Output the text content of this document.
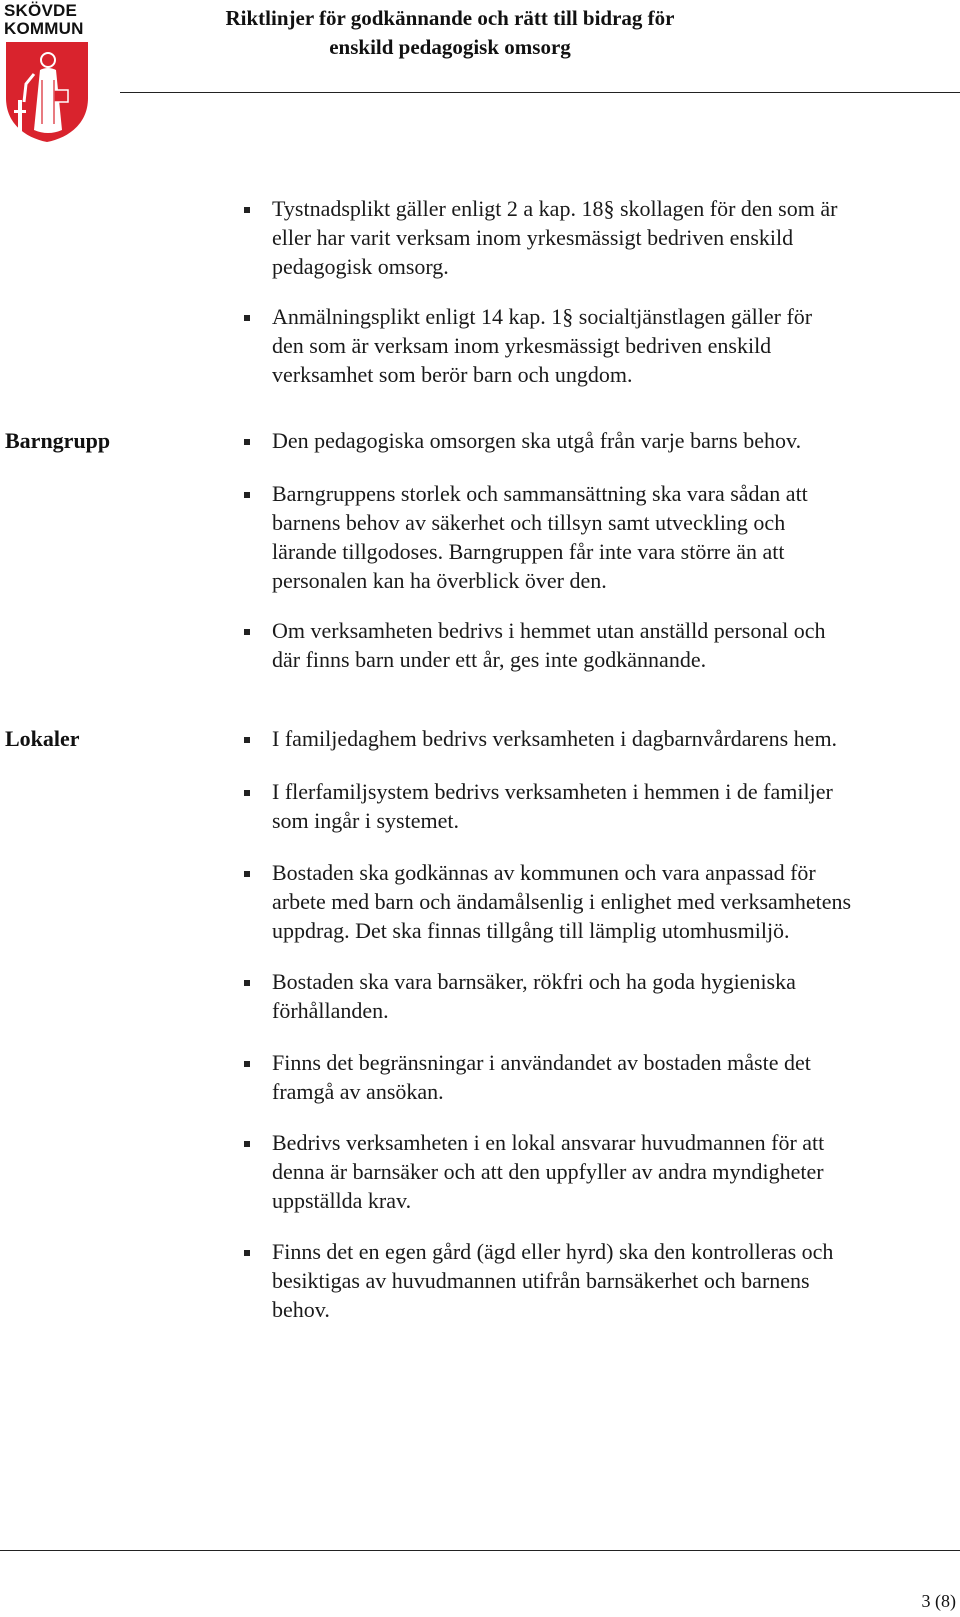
SKÖVDE
KOMMUN	Riktlinjer för godkännande och rätt till bidrag för
enskild pedagogisk omsorg
Tystnadsplikt gäller enligt 2 a kap. 18§ skollagen för den som är
eller har varit verksam inom yrkesmässigt bedriven enskild
pedagogisk omsorg.
Anmälningsplikt enligt 14 kap. 1§ socialtjänstlagen gäller för
den som är verksam inom yrkesmässigt bedriven enskild
verksamhet som berör barn och ungdom.
Barngrupp	Den pedagogiska omsorgen ska utgå från varje barns behov.
Barngruppens storlek och sammansättning ska vara sådan att
barnens behov av säkerhet och tillsyn samt utveckling och
lärande tillgodoses. Barngruppen får inte vara större än att
personalen kan ha överblick över den.
Om verksamheten bedrivs i hemmet utan anställd personal och
där finns barn under ett år, ges inte godkännande.
Lokaler	I familjedaghem bedrivs verksamheten i dagbarnvårdarens hem.
I flerfamiljsystem bedrivs verksamheten i hemmen i de familjer
som ingår i systemet.
Bostaden ska godkännas av kommunen och vara anpassad för
arbete med barn och ändamålsenlig i enlighet med verksamhetens
uppdrag. Det ska finnas tillgång till lämplig utomhusmiljö.
Bostaden ska vara barnsäker, rökfri och ha goda hygieniska
förhållanden.
Finns det begränsningar i användandet av bostaden måste det
framgå av ansökan.
Bedrivs verksamheten i en lokal ansvarar huvudmannen för att
denna är barnsäker och att den uppfyller av andra myndigheter
uppställda krav.
Finns det en egen gård (ägd eller hyrd) ska den kontrolleras och
besiktigas av huvudmannen utifrån barnsäkerhet och barnens
behov.
3 (8)
